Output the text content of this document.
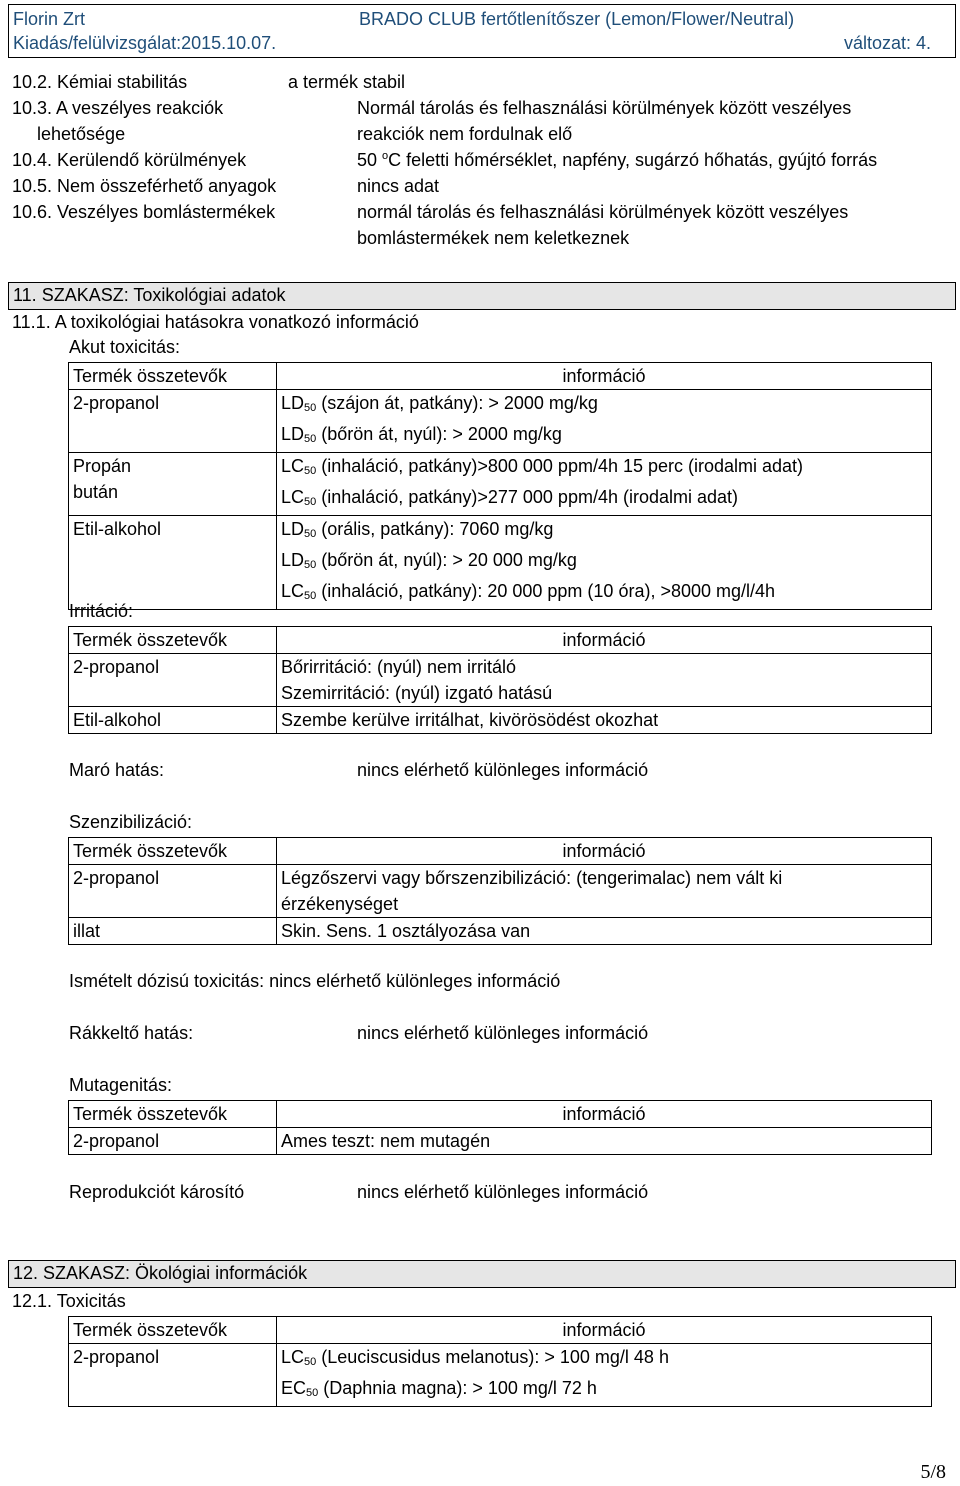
Florin Zrt	BRADO CLUB fertőtlenítőszer (Lemon/Flower/Neutral)
Kiadás/felülvizsgálat:2015.10.07.	változat: 4.
10.2. Kémiai stabilitás	a termék stabil
10.3. A veszélyes reakciók
lehetősége
Normál tárolás és felhasználási körülmények között veszélyes
reakciók nem fordulnak elő
10.4. Kerülendő körülmények	50 $^o$C feletti hőmérséklet, napfény, sugárzó hőhatás, gyújtó forrás
10.5. Nem összeférhető anyagok	nincs adat
10.6. Veszélyes bomlástermékek	normál tárolás és felhasználási körülmények között veszélyes
bomlástermékek nem keletkeznek
11. SZAKASZ: Toxikológiai adatok
11.1. A toxikológiai hatásokra vonatkozó információ
Akut toxicitás:
Termék összetevők	információ
2-propanol	$LD_{50}$ (szájon át, patkány): > 2000 mg/kg
$LD_{50}$ (bőrön át, nyúl): > 2000 mg/kg

Propán
bután	$LC_{50}$ (inhaláció, patkány)>800 000 ppm/4h 15 perc (irodalmi adat)
$LC_{50}$ (inhaláció, patkány)>277 000 ppm/4h (irodalmi adat)

Etil-alkohol	$LD_{50}$ (orális, patkány): 7060 mg/kg
$LD_{50}$ (bőrön át, nyúl): > 20 000 mg/kg
$LC_{50}$ (inhaláció, patkány): 20 000 ppm (10 óra), >8000 mg/l/4h
Irritáció:
Termék összetevők	információ
2-propanol	Bőrirritáció: (nyúl) nem irritáló
Szemirritáció: (nyúl) izgató hatású

Etil-alkohol	Szembe kerülve irritálhat, kivörösödést okozhat
Maró hatás:	nincs elérhető különleges információ
Szenzibilizáció:
Termék összetevők	információ
2-propanol	Légzőszervi vagy bőrszenzibilizáció: (tengerimalac) nem vált ki
érzékenységet

illat	Skin. Sens. 1 osztályozása van
Ismételt dózisú toxicitás: nincs elérhető különleges információ
Rákkeltő hatás:	nincs elérhető különleges információ
Mutagenitás:
Termék összetevők	információ
2-propanol	Ames teszt: nem mutagén
Reprodukciót károsító	nincs elérhető különleges információ
12. SZAKASZ: Ökológiai információk
12.1. Toxicitás
Termék összetevők	információ
2-propanol	$LC_{50}$ (Leuciscusidus melanotus): > 100 mg/l 48 h
$EC_{50}$ (Daphnia magna): > 100 mg/l 72 h
5/8
